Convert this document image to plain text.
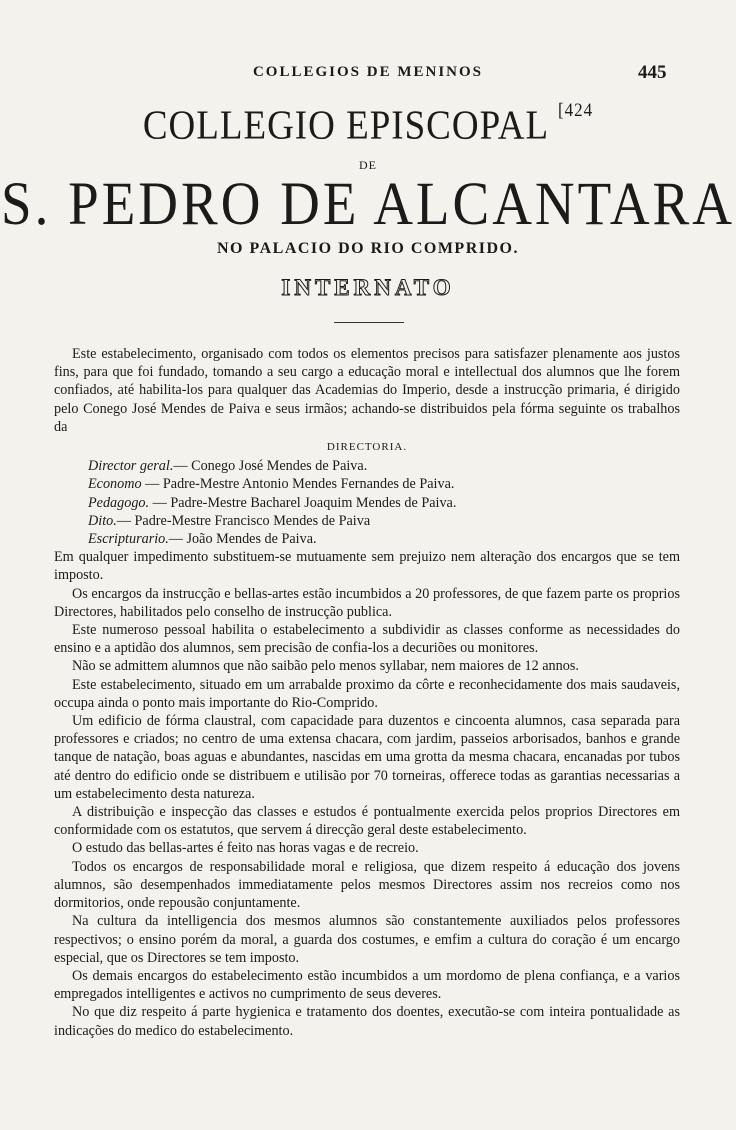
COLLEGIOS DE MENINOS	445
COLLEGIO EPISCOPAL $^{[424}$
DE
S. PEDRO DE ALCANTARA
NO PALACIO DO RIO COMPRIDO.
INTERNATO

Este estabelecimento, organisado com todos os elementos precisos para satisfazer plenamente aos justos fins, para que foi fundado, tomando a seu cargo a educação moral e intellectual dos alumnos que lhe forem confiados, até habilita-los para qualquer das Academias do Imperio, desde a instrucção primaria, é dirigido pelo Conego José Mendes de Paiva e seus irmãos; achando-se distribuidos pela fórma seguinte os trabalhos da

DIRECTORIA.

Director geral.— Conego José Mendes de Paiva.

Economo — Padre-Mestre Antonio Mendes Fernandes de Paiva.

Pedagogo. — Padre-Mestre Bacharel Joaquim Mendes de Paiva.

Dito.— Padre-Mestre Francisco Mendes de Paiva

Escripturario.— João Mendes de Paiva.

Em qualquer impedimento substituem-se mutuamente sem prejuizo nem alteração dos encargos que se tem imposto.

Os encargos da instrucção e bellas-artes estão incumbidos a 20 professores, de que fazem parte os proprios Directores, habilitados pelo conselho de instrucção publica.

Este numeroso pessoal habilita o estabelecimento a subdividir as classes conforme as necessidades do ensino e a aptidão dos alumnos, sem precisão de confia-los a decuriões ou monitores.

Não se admittem alumnos que não saibão pelo menos syllabar, nem maiores de 12 annos.

Este estabelecimento, situado em um arrabalde proximo da côrte e reconhecidamente dos mais saudaveis, occupa ainda o ponto mais importante do Rio-Comprido.

Um edificio de fórma claustral, com capacidade para duzentos e cincoenta alumnos, casa separada para professores e criados; no centro de uma extensa chacara, com jardim, passeios arborisados, banhos e grande tanque de natação, boas aguas e abundantes, nascidas em uma grotta da mesma chacara, encanadas por tubos até dentro do edificio onde se distribuem e utilisão por 70 torneiras, offerece todas as garantias necessarias a um estabelecimento desta natureza.

A distribuição e inspecção das classes e estudos é pontualmente exercida pelos proprios Directores em conformidade com os estatutos, que servem á direcção geral deste estabelecimento.

O estudo das bellas-artes é feito nas horas vagas e de recreio.

Todos os encargos de responsabilidade moral e religiosa, que dizem respeito á educação dos jovens alumnos, são desempenhados immediatamente pelos mesmos Directores assim nos recreios como nos dormitorios, onde repousão conjuntamente.

Na cultura da intelligencia dos mesmos alumnos são constantemente auxiliados pelos professores respectivos; o ensino porém da moral, a guarda dos costumes, e emfim a cultura do coração é um encargo especial, que os Directores se tem imposto.

Os demais encargos do estabelecimento estão incumbidos a um mordomo de plena confiança, e a varios empregados intelligentes e activos no cumprimento de seus deveres.

No que diz respeito á parte hygienica e tratamento dos doentes, executão-se com inteira pontualidade as indicações do medico do estabelecimento.
